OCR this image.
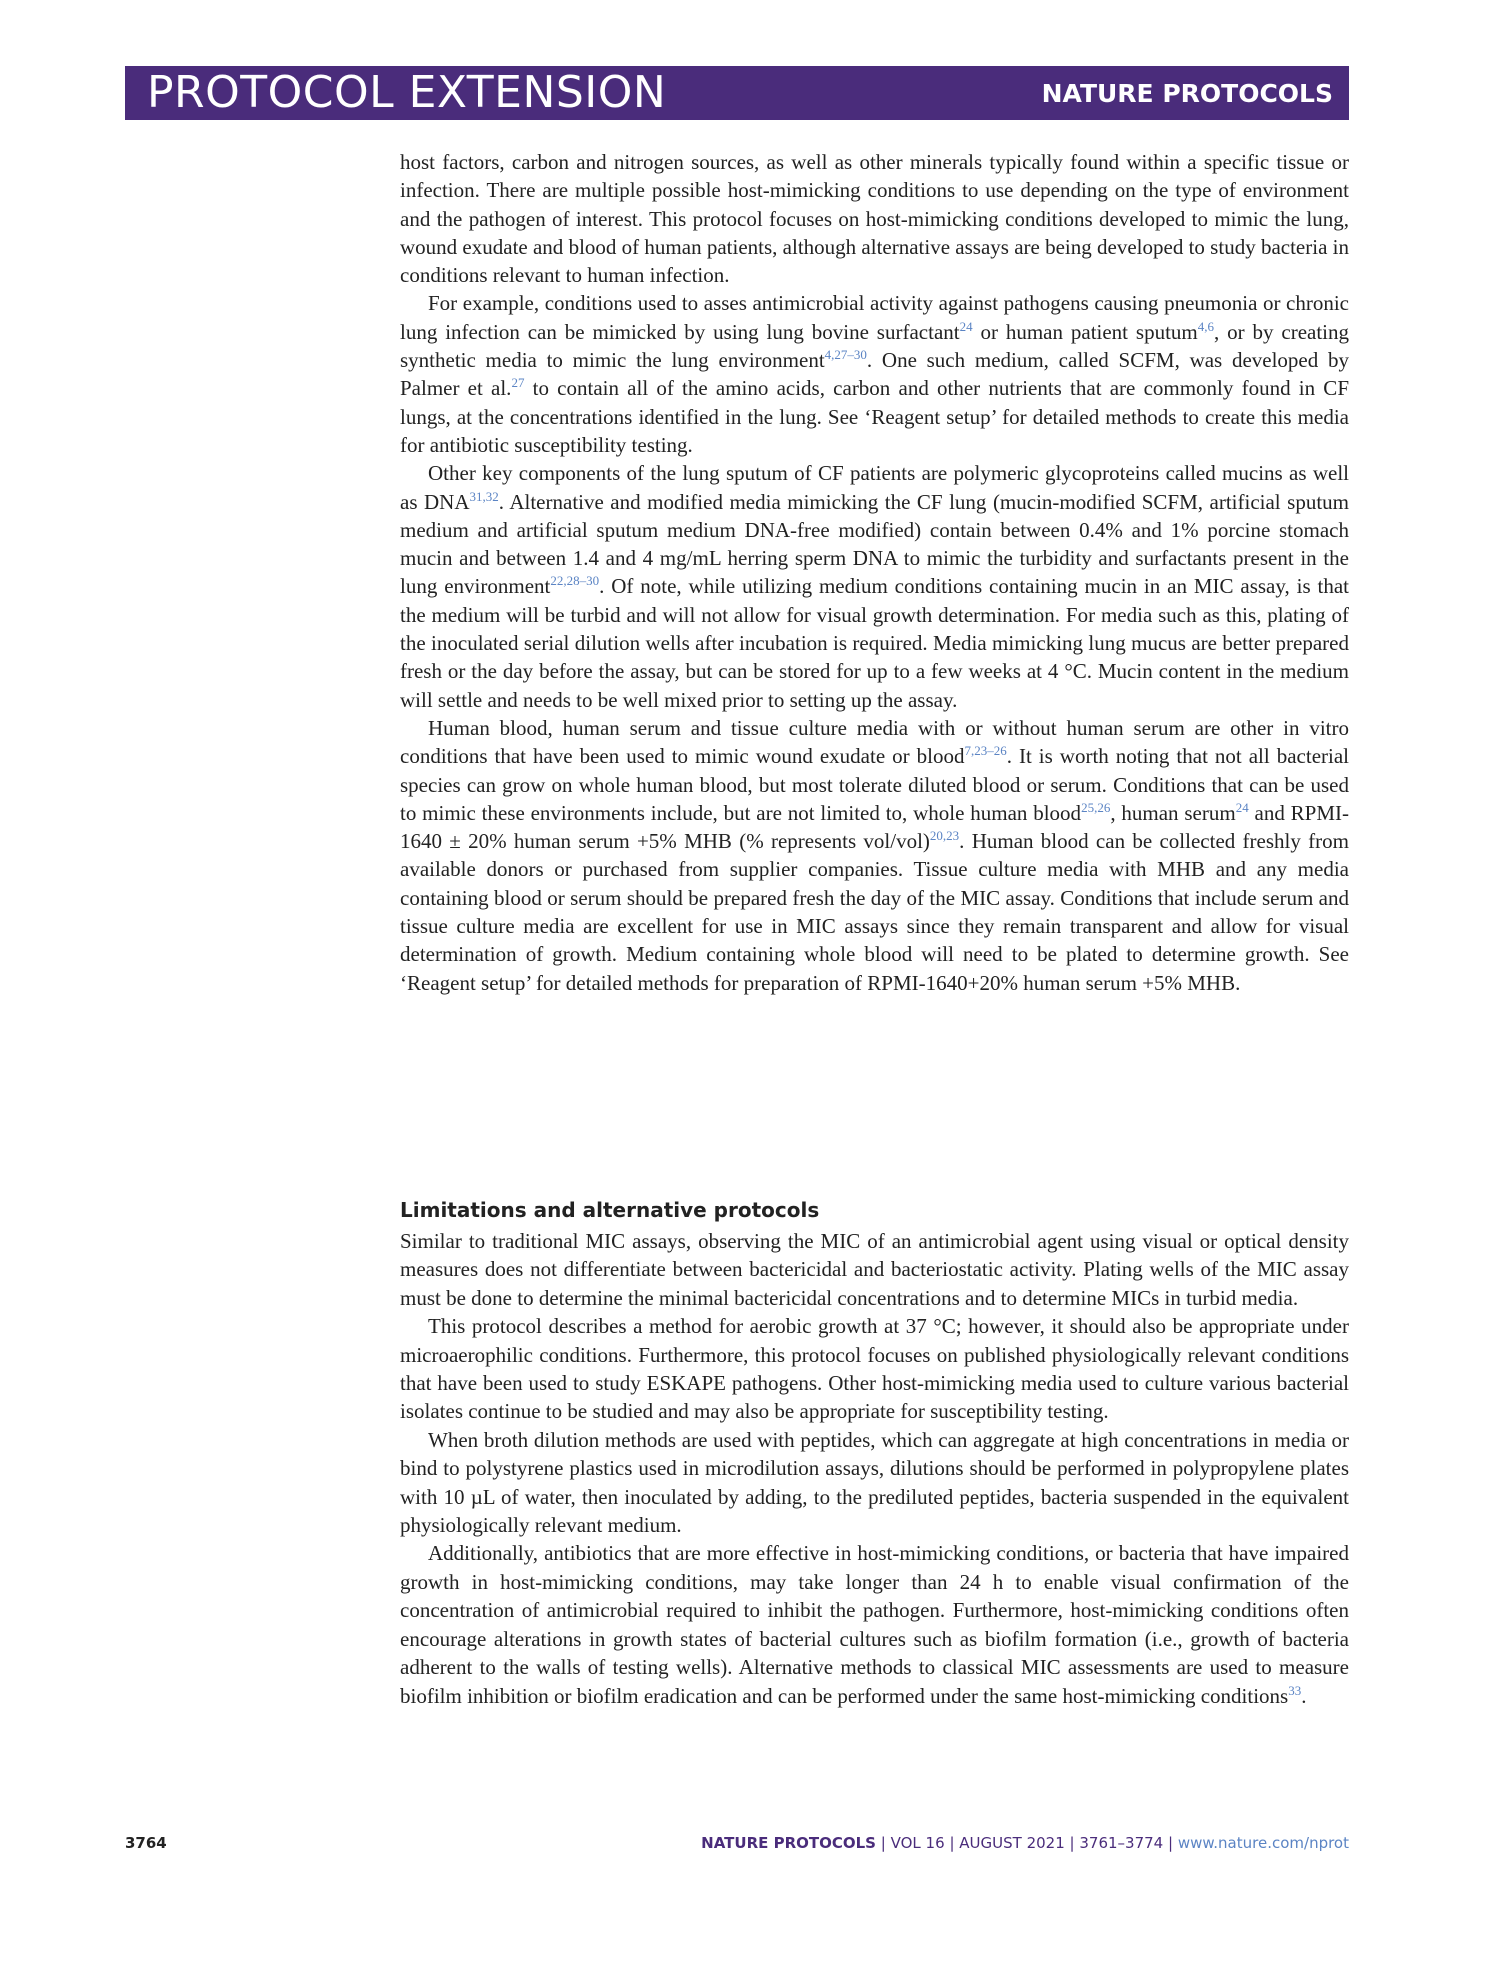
PROTOCOL EXTENSION	NATURE PROTOCOLS

host factors, carbon and nitrogen sources, as well as other minerals typically found within a specific tissue or infection. There are multiple possible host-mimicking conditions to use depending on the type of environment and the pathogen of interest. This protocol focuses on host-mimicking conditions developed to mimic the lung, wound exudate and blood of human patients, although alternative assays are being developed to study bacteria in conditions relevant to human infection.

For example, conditions used to asses antimicrobial activity against pathogens causing pneumonia or chronic lung infection can be mimicked by using lung bovine surfactant$^{24}$ or human patient sputum$^{4,6}$, or by creating synthetic media to mimic the lung environment$^{4,27-30}$. One such medium, called SCFM, was developed by Palmer et al.$^{27}$ to contain all of the amino acids, carbon and other nutrients that are commonly found in CF lungs, at the concentrations identified in the lung. See ‘Reagent setup’ for detailed methods to create this media for antibiotic susceptibility testing.

Other key components of the lung sputum of CF patients are polymeric glycoproteins called mucins as well as DNA$^{31,32}$. Alternative and modified media mimicking the CF lung (mucin-modified SCFM, artificial sputum medium and artificial sputum medium DNA-free modified) contain between 0.4% and 1% porcine stomach mucin and between 1.4 and 4 mg/mL herring sperm DNA to mimic the turbidity and surfactants present in the lung environment$^{22,28-30}$. Of note, while utilizing medium conditions containing mucin in an MIC assay, is that the medium will be turbid and will not allow for visual growth determination. For media such as this, plating of the inoculated serial dilution wells after incubation is required. Media mimicking lung mucus are better prepared fresh or the day before the assay, but can be stored for up to a few weeks at 4 °C. Mucin content in the medium will settle and needs to be well mixed prior to setting up the assay.

Human blood, human serum and tissue culture media with or without human serum are other in vitro conditions that have been used to mimic wound exudate or blood$^{7,23-26}$. It is worth noting that not all bacterial species can grow on whole human blood, but most tolerate diluted blood or serum. Conditions that can be used to mimic these environments include, but are not limited to, whole human blood$^{25,26}$, human serum$^{24}$ and RPMI-1640 ± 20% human serum +5% MHB (% represents vol/vol)$^{20,23}$. Human blood can be collected freshly from available donors or purchased from supplier companies. Tissue culture media with MHB and any media containing blood or serum should be prepared fresh the day of the MIC assay. Conditions that include serum and tissue culture media are excellent for use in MIC assays since they remain transparent and allow for visual determination of growth. Medium containing whole blood will need to be plated to determine growth. See ‘Reagent setup’ for detailed methods for preparation of RPMI-1640+20% human serum +5% MHB.

Limitations and alternative protocols

Similar to traditional MIC assays, observing the MIC of an antimicrobial agent using visual or optical density measures does not differentiate between bactericidal and bacteriostatic activity. Plating wells of the MIC assay must be done to determine the minimal bactericidal concentrations and to determine MICs in turbid media.

This protocol describes a method for aerobic growth at 37 °C; however, it should also be appropriate under microaerophilic conditions. Furthermore, this protocol focuses on published physiologically relevant conditions that have been used to study ESKAPE pathogens. Other host-mimicking media used to culture various bacterial isolates continue to be studied and may also be appropriate for susceptibility testing.

When broth dilution methods are used with peptides, which can aggregate at high concentrations in media or bind to polystyrene plastics used in microdilution assays, dilutions should be performed in polypropylene plates with 10 µL of water, then inoculated by adding, to the prediluted peptides, bacteria suspended in the equivalent physiologically relevant medium.

Additionally, antibiotics that are more effective in host-mimicking conditions, or bacteria that have impaired growth in host-mimicking conditions, may take longer than 24 h to enable visual confirmation of the concentration of antimicrobial required to inhibit the pathogen. Furthermore, host-mimicking conditions often encourage alterations in growth states of bacterial cultures such as biofilm formation (i.e., growth of bacteria adherent to the walls of testing wells). Alternative methods to classical MIC assessments are used to measure biofilm inhibition or biofilm eradication and can be performed under the same host-mimicking conditions$^{33}$.

3764	NATURE PROTOCOLS | VOL 16 | AUGUST 2021 | 3761–3774 | www.nature.com/nprot
